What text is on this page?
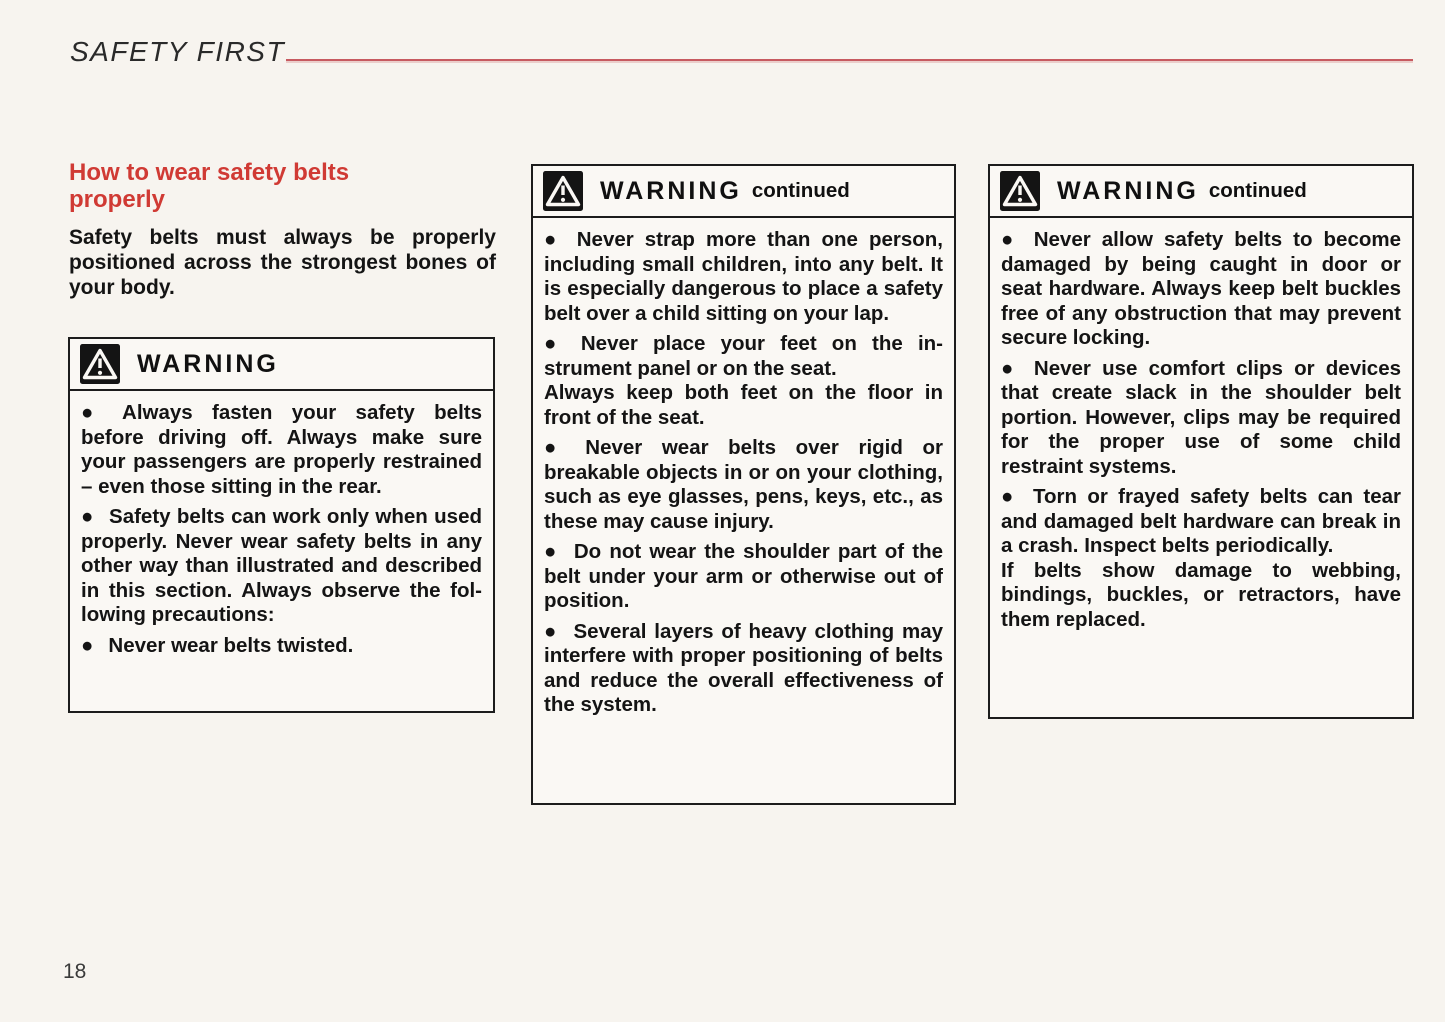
SAFETY FIRST
How to wear safety belts properly
Safety belts must always be properly positioned across the strongest bones of your body.
WARNING

● Always fasten your safety belts before driving off. Always make sure your passengers are properly restrained – even those sitting in the rear.

● Safety belts can work only when used properly. Never wear safety belts in any other way than illustrated and described in this section. Always observe the following precautions:

● Never wear belts twisted.

WARNING continued

● Never strap more than one person, including small children, into any belt. It is especially dangerous to place a safety belt over a child sitting on your lap.

● Never place your feet on the instrument panel or on the seat.

Always keep both feet on the floor in front of the seat.

● Never wear belts over rigid or breakable objects in or on your clothing, such as eye glasses, pens, keys, etc., as these may cause injury.

● Do not wear the shoulder part of the belt under your arm or otherwise out of position.

● Several layers of heavy clothing may interfere with proper positioning of belts and reduce the overall effectiveness of the system.

WARNING continued

● Never allow safety belts to become damaged by being caught in door or seat hardware. Always keep belt buckles free of any obstruction that may prevent secure locking.

● Never use comfort clips or devices that create slack in the shoulder belt portion. However, clips may be required for the proper use of some child restraint systems.

● Torn or frayed safety belts can tear and damaged belt hardware can break in a crash. Inspect belts periodically.

If belts show damage to webbing, bindings, buckles, or retractors, have them replaced.

18
